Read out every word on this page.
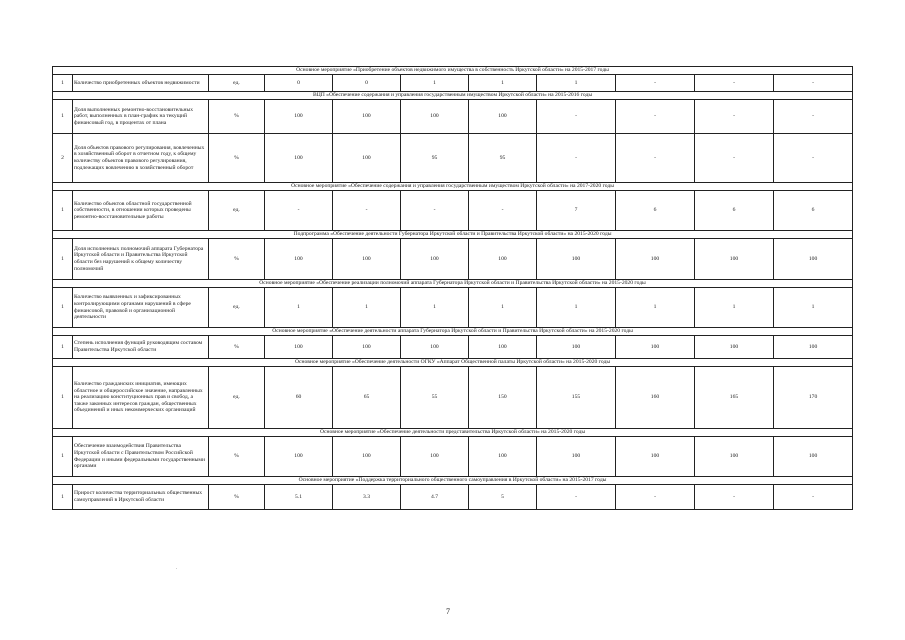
Основное мероприятие «Приобретение объектов недвижимого имущества в собственность Иркутской области» на 2015-2017 годы										
1	Количество приобретенных объектов недвижимости	ед.	0	0	1	1	1	-	-	-
ВЦП «Обеспечение содержания и управления государственным имуществом Иркутской области» на 2015-2016 годы										
1	Доля выполненных ремонтно-восстановительных работ, выполненных в план-график на текущий финансовый год, в процентах от плана	%	100	100	100	100	-	-	-	-
2	Доля объектов правового регулирования, вовлеченных в хозяйственный оборот в отчетном году, к общему количеству объектов правового регулирования, подлежащих вовлечению в хозяйственный оборот	%	100	100	95	95	-	-	-	-
Основное мероприятие «Обеспечение содержания и управления государственным имуществом Иркутской области» на 2017-2020 годы										
1	Количество объектов областной государственной собственности, в отношении которых проведены ремонтно-восстановительные работы	ед.	-	-	-	-	7	6	6	6
Подпрограмма «Обеспечение деятельности Губернатора Иркутской области и Правительства Иркутской области» на 2015-2020 годы										
1	Доля исполненных полномочий аппарата Губернатора Иркутской области и Правительства Иркутской области без нарушений к общему количеству полномочий	%	100	100	100	100	100	100	100	100
Основное мероприятие «Обеспечение реализации полномочий аппарата Губернатора Иркутской области и Правительства Иркутской области» на 2015-2020 годы										
1	Количество выявленных и зафиксированных контролирующими органами нарушений в сфере финансовой, правовой и организационной деятельности	ед.	1	1	1	1	1	1	1	1
Основное мероприятие «Обеспечение деятельности аппарата Губернатора Иркутской области и Правительства Иркутской области» на 2015-2020 годы										
1	Степень исполнения функций руководящим составом Правительства Иркутской области	%	100	100	100	100	100	100	100	100
Основное мероприятие «Обеспечение деятельности ОГКУ «Аппарат Общественной палаты Иркутской области» на 2015-2020 годы										
1	Количество гражданских инициатив, имеющих областное и общероссийское значение, направленных на реализацию конституционных прав и свобод, а также законных интересов граждан, общественных объединений и иных некоммерческих организаций	ед.	60	65	55	150	155	160	165	170
Основное мероприятие «Обеспечение деятельности представительства Иркутской области» на 2015-2020 годы										
1	Обеспечение взаимодействия Правительства Иркутской области с Правительством Российской Федерации и иными федеральными государственными органами	%	100	100	100	100	100	100	100	100
Основное мероприятие «Поддержка территориального общественного самоуправления в Иркутской области» на 2015-2017 годы										
1	Прирост количества территориальных общественных самоуправлений в Иркутской области	%	5.1	3.3	4.7	5	-	-	-	-
.
7
